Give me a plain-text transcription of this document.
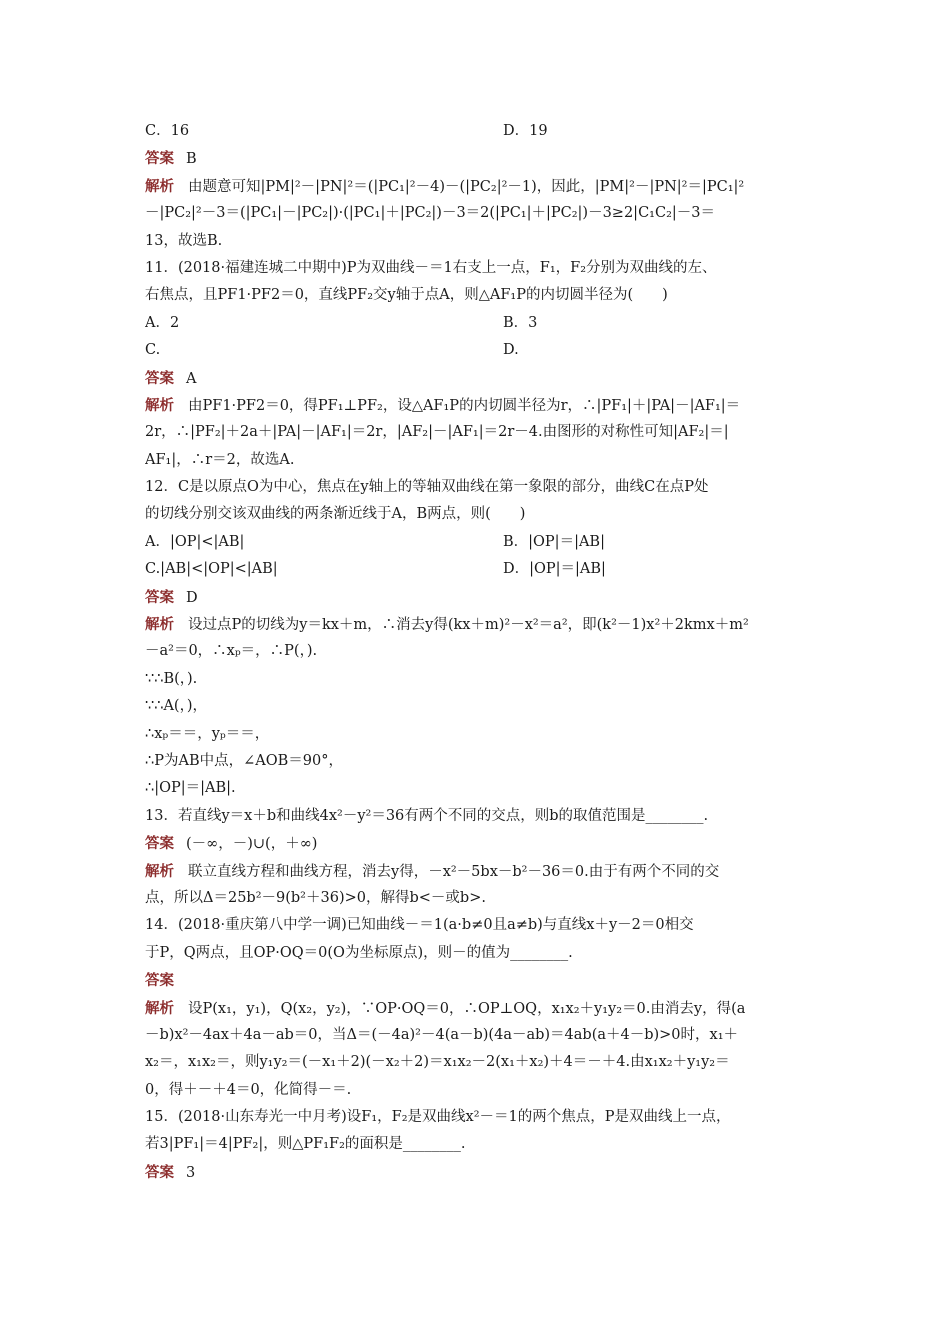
C．16	D．19
答案 B
解析 由题意可知|PM|²－|PN|²＝(|PC₁|²－4)－(|PC₂|²－1)，因此，|PM|²－|PN|²＝|PC₁|²
－|PC₂|²－3＝(|PC₁|－|PC₂|)·(|PC₁|＋|PC₂|)－3＝2(|PC₁|＋|PC₂|)－3≥2|C₁C₂|－3＝
13，故选B.
11．(2018·福建连城二中期中)P为双曲线－＝1右支上一点，F₁，F₂分别为双曲线的左、
右焦点，且PF1·PF2＝0，直线PF₂交y轴于点A，则△AF₁P的内切圆半径为(　　)
A．2	B．3
C.	D.
答案 A
解析 由PF1·PF2＝0，得PF₁⊥PF₂，设△AF₁P的内切圆半径为r，∴|PF₁|＋|PA|－|AF₁|＝
2r，∴|PF₂|＋2a＋|PA|－|AF₁|＝2r，|AF₂|－|AF₁|＝2r－4.由图形的对称性可知|AF₂|＝|
AF₁|，∴r＝2，故选A.
12．C是以原点O为中心，焦点在y轴上的等轴双曲线在第一象限的部分，曲线C在点P处
的切线分别交该双曲线的两条渐近线于A，B两点，则(　　)
A．|OP|<|AB|	B．|OP|＝|AB|
C.|AB|<|OP|<|AB|	D．|OP|＝|AB|
答案 D
解析 设过点P的切线为y＝kx＋m，∴消去y得(kx＋m)²－x²＝a²，即(k²－1)x²＋2kmx＋m²
－a²＝0，∴xₚ＝，∴P(，).
∵∴B(，).
∵∴A(，)，
∴xₚ＝＝，yₚ＝＝，
∴P为AB中点，∠AOB＝90°，
∴|OP|＝|AB|.
13．若直线y＝x＋b和曲线4x²－y²＝36有两个不同的交点，则b的取值范围是________.
答案 (－∞，－)∪(，＋∞)
解析 联立直线方程和曲线方程，消去y得，－x²－5bx－b²－36＝0.由于有两个不同的交
点，所以Δ＝25b²－9(b²＋36)>0，解得b<－或b>.
14．(2018·重庆第八中学一调)已知曲线－＝1(a·b≠0且a≠b)与直线x＋y－2＝0相交
于P，Q两点，且OP·OQ＝0(O为坐标原点)，则－的值为________.
答案
解析 设P(x₁，y₁)，Q(x₂，y₂)，∵OP·OQ＝0，∴OP⊥OQ，x₁x₂＋y₁y₂＝0.由消去y，得(a
－b)x²－4ax＋4a－ab＝0，当Δ＝(－4a)²－4(a－b)(4a－ab)＝4ab(a＋4－b)>0时，x₁＋
x₂＝，x₁x₂＝，则y₁y₂＝(－x₁＋2)(－x₂＋2)＝x₁x₂－2(x₁＋x₂)＋4＝－＋4.由x₁x₂＋y₁y₂＝
0，得＋－＋4＝0，化简得－＝.
15．(2018·山东寿光一中月考)设F₁，F₂是双曲线x²－＝1的两个焦点，P是双曲线上一点，
若3|PF₁|＝4|PF₂|，则△PF₁F₂的面积是________.
答案 3
